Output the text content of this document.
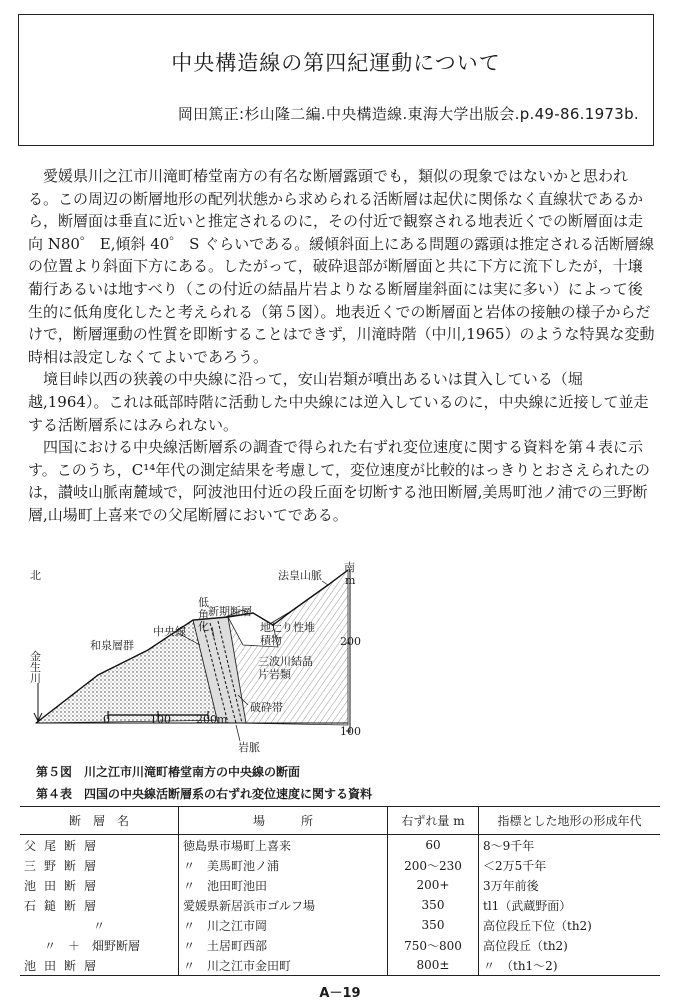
中央構造線の第四紀運動について
岡田篤正:杉山隆二編.中央構造線.東海大学出版会.p.49-86.1973b.

愛媛県川之江市川滝町椿堂南方の有名な断層露頭でも，類似の現象ではないかと思われる。この周辺の断層地形の配列状態から求められる活断層は起伏に関係なく直線状であるから，断層面は垂直に近いと推定されるのに，その付近で観察される地表近くでの断層面は走向 N80゜ E,傾斜 40゜ S ぐらいである。緩傾斜面上にある問題の露頭は推定される活断層線の位置より斜面下方にある。したがって，破砕退部が断層面と共に下方に流下したが，十壌葡行あるいは地すべり（この付近の結晶片岩よりなる断層崖斜面には実に多い）によって後生的に低角度化したと考えられる（第５図）。地表近くでの断層面と岩体の接触の様子からだけで，断層運動の性質を即断することはできず，川滝時階（中川,1965）のような特異な変動時相は設定しなくてよいであろう。

境目峠以西の狭義の中央線に沿って，安山岩類が噴出あるいは貫入している（堀越,1964）。これは砥部時階に活動した中央線には逆入しているのに，中央線に近接して並走する活断層系にはみられない。

四国における中央線活断層系の調査で得られた右ずれ変位速度に関する資料を第４表に示す。このうち，C¹⁴年代の測定結果を考慮して，変位速度が比較的はっきりとおさえられたのは，讃岐山脈南麓域で，阿波池田付近の段丘面を切断する池田断層,美馬町池ノ浦での三野断層,山場町上喜来での父尾断層においてである。

北
南
m
法皇山脈
新期断層
低角化
中央線	地辷り性堆積物
和泉層群
三波川結晶片岩類
金生川
破砕帯
岩脈
0	100 200m
200
100
第５図　川之江市川滝町椿堂南方の中央線の断面
第４表　四国の中央線活断層系の右ずれ変位速度に関する資料
断　層　名	場　　　所	右ずれ量 m	指標とした地形の形成年代
父尾断層	徳島県市場町上喜来	60	8～9千年
三野断層	〃　美馬町池ノ浦	200～230	＜2万5千年
池田断層	〃　池田町池田	200+	3万年前後
石鎚断層	愛媛県新居浜市ゴルフ場	350	tl1（武蔵野面）
〃	〃　川之江市岡	350	高位段丘下位（th2)
〃　＋　畑野断層	〃　土居町西部	750～800	高位段丘（th2)
池田断層	〃　川之江市金田町	800±	〃　（th1～2)
A－19
